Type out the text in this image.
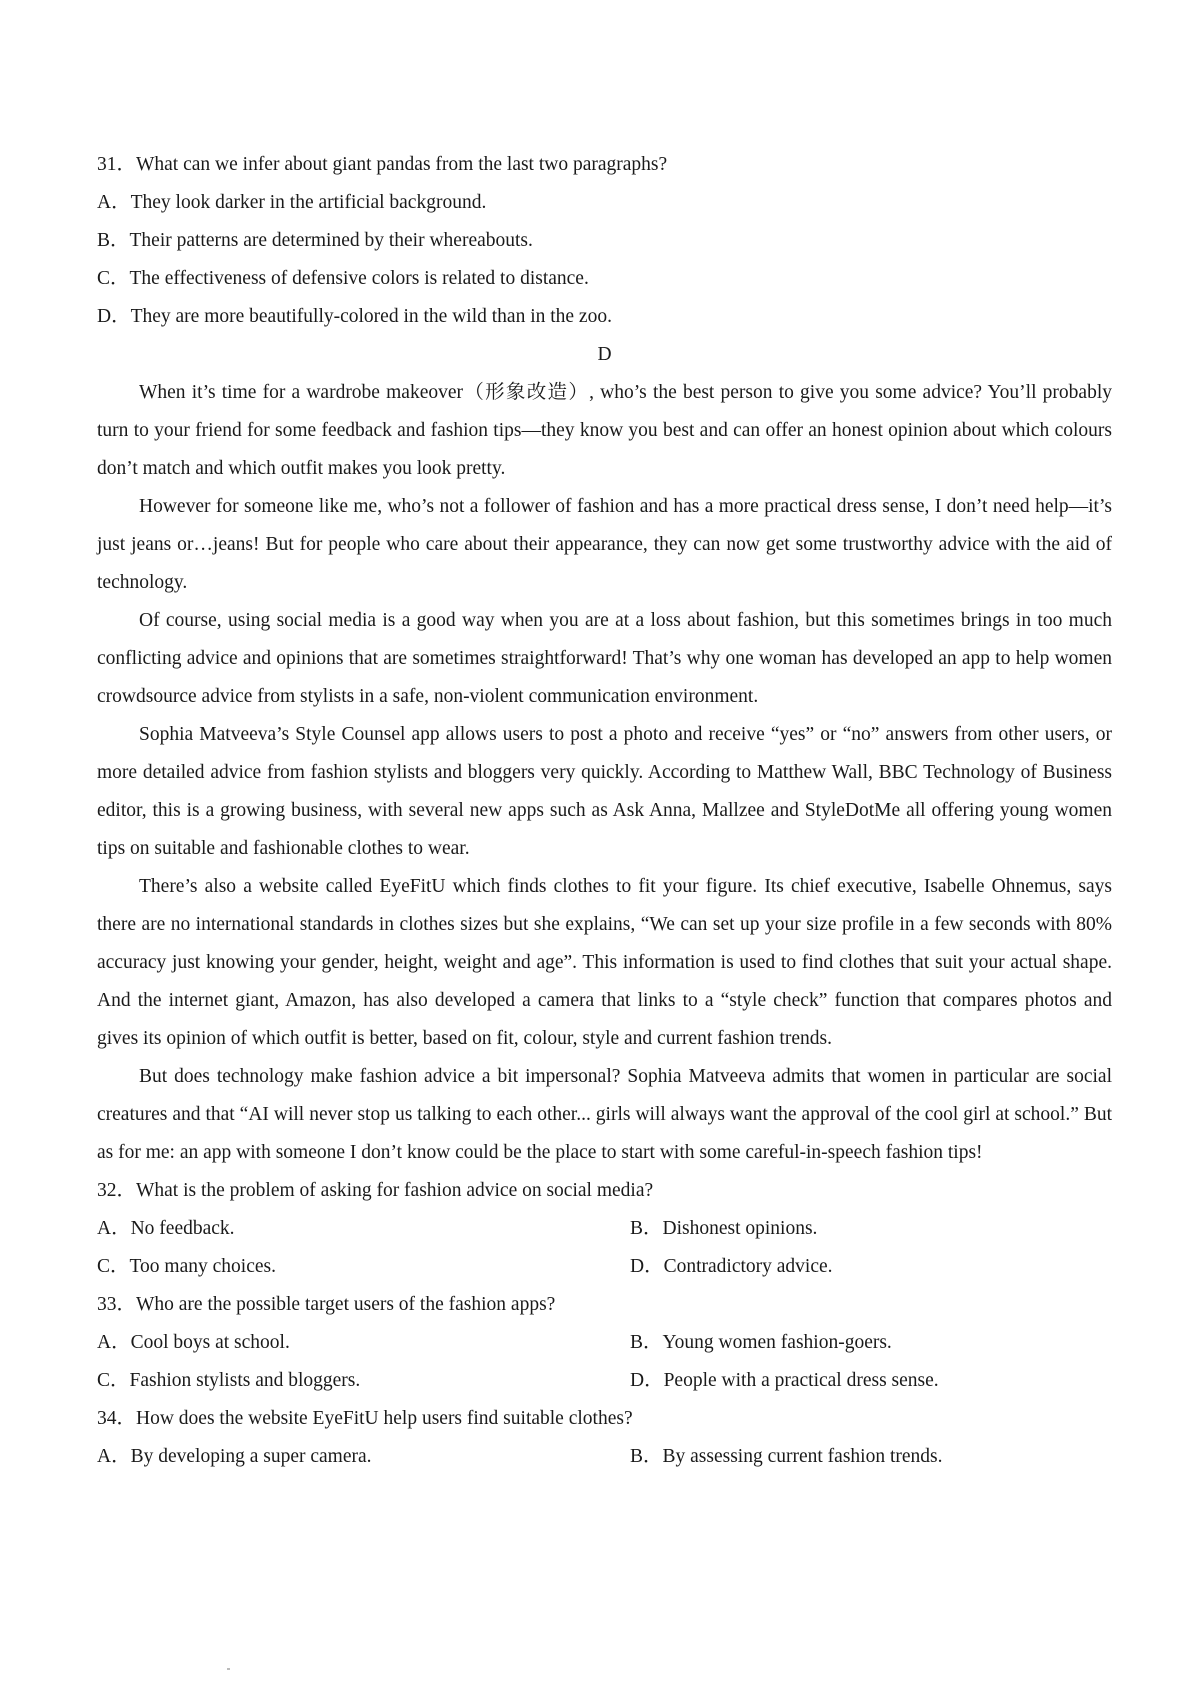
31．What can we infer about giant pandas from the last two paragraphs?
A．They look darker in the artificial background.
B．Their patterns are determined by their whereabouts.
C．The effectiveness of defensive colors is related to distance.
D．They are more beautifully-colored in the wild than in the zoo.
D
When it’s time for a wardrobe makeover（形象改造）, who’s the best person to give you some advice? You’ll probably turn to your friend for some feedback and fashion tips—they know you best and can offer an honest opinion about which colours don’t match and which outfit makes you look pretty.
However for someone like me, who’s not a follower of fashion and has a more practical dress sense, I don’t need help—it’s just jeans or…jeans! But for people who care about their appearance, they can now get some trustworthy advice with the aid of technology.
Of course, using social media is a good way when you are at a loss about fashion, but this sometimes brings in too much conflicting advice and opinions that are sometimes straightforward! That’s why one woman has developed an app to help women crowdsource advice from stylists in a safe, non-violent communication environment.
Sophia Matveeva’s Style Counsel app allows users to post a photo and receive “yes” or “no” answers from other users, or more detailed advice from fashion stylists and bloggers very quickly. According to Matthew Wall, BBC Technology of Business editor, this is a growing business, with several new apps such as Ask Anna, Mallzee and StyleDotMe all offering young women tips on suitable and fashionable clothes to wear.
There’s also a website called EyeFitU which finds clothes to fit your figure. Its chief executive, Isabelle Ohnemus, says there are no international standards in clothes sizes but she explains, “We can set up your size profile in a few seconds with 80% accuracy just knowing your gender, height, weight and age”. This information is used to find clothes that suit your actual shape. And the internet giant, Amazon, has also developed a camera that links to a “style check” function that compares photos and gives its opinion of which outfit is better, based on fit, colour, style and current fashion trends.
But does technology make fashion advice a bit impersonal? Sophia Matveeva admits that women in particular are social creatures and that “AI will never stop us talking to each other... girls will always want the approval of the cool girl at school.” But as for me: an app with someone I don’t know could be the place to start with some careful-in-speech fashion tips!
32．What is the problem of asking for fashion advice on social media?
A．No feedback.	B．Dishonest opinions.
C．Too many choices.	D．Contradictory advice.
33．Who are the possible target users of the fashion apps?
A．Cool boys at school.	B．Young women fashion-goers.
C．Fashion stylists and bloggers.	D．People with a practical dress sense.
34．How does the website EyeFitU help users find suitable clothes?
A．By developing a super camera.	B．By assessing current fashion trends.
